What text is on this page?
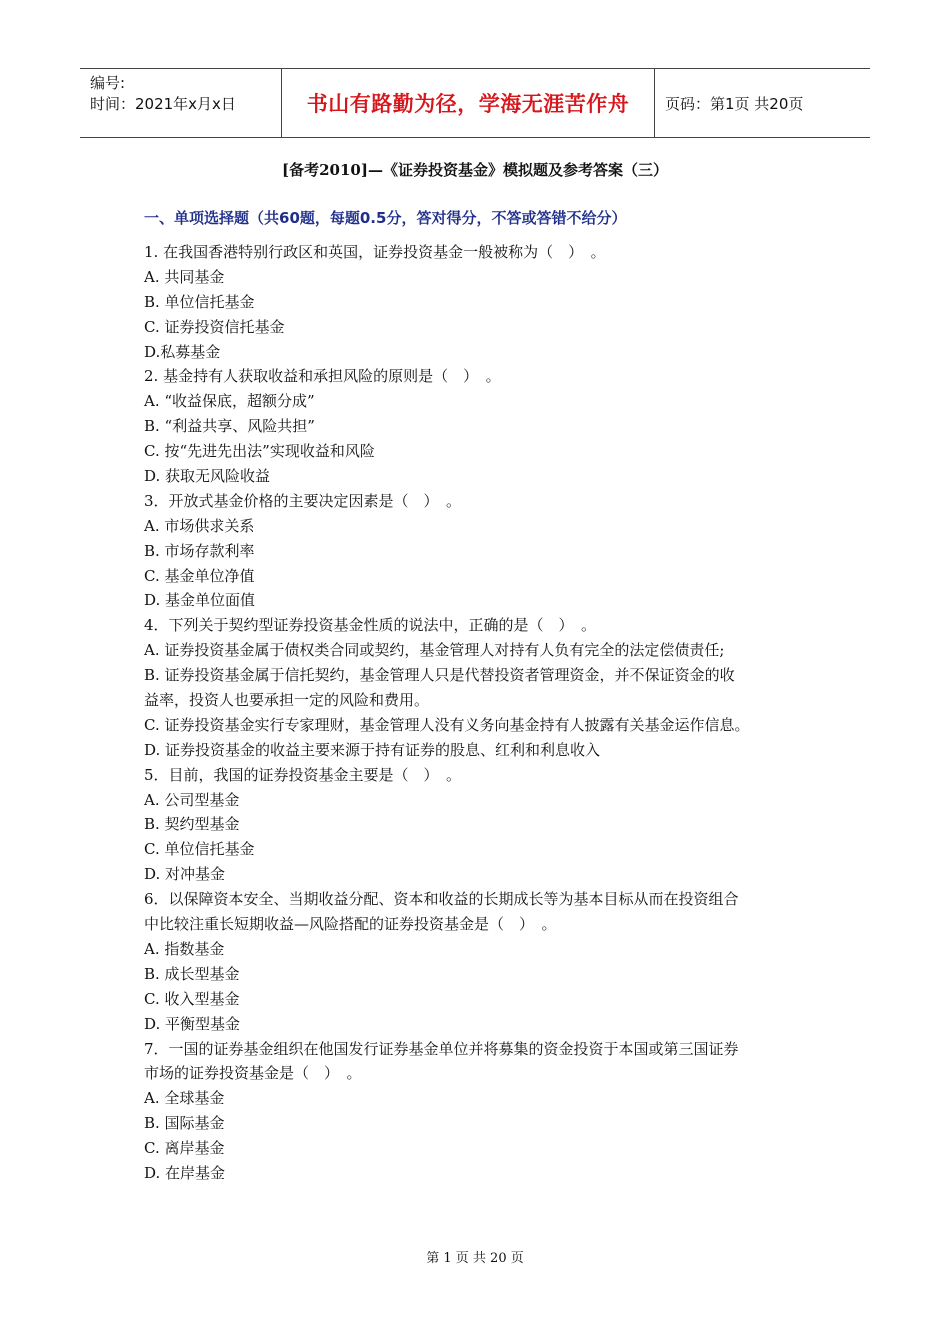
编号:
时间：2021年x月x日	书山有路勤为径，学海无涯苦作舟 页码：第1页 共20页
[备考2010]—《证券投资基金》模拟题及参考答案（三）
一、单项选择题（共60题，每题0.5分，答对得分，不答或答错不给分）
1. 在我国香港特别行政区和英国，证券投资基金一般被称为（　）　。
A. 共同基金
B. 单位信托基金
C. 证券投资信托基金
D.私募基金
2. 基金持有人获取收益和承担风险的原则是（　）　。
A. “收益保底，超额分成”
B. “利益共享、风险共担”
C. 按“先进先出法”实现收益和风险
D. 获取无风险收益
3．开放式基金价格的主要决定因素是（　）　。
A. 市场供求关系
B. 市场存款利率
C. 基金单位净值
D. 基金单位面值
4．下列关于契约型证券投资基金性质的说法中，正确的是（　）　。
A. 证券投资基金属于债权类合同或契约，基金管理人对持有人负有完全的法定偿债责任;
B. 证券投资基金属于信托契约，基金管理人只是代替投资者管理资金，并不保证资金的收
益率，投资人也要承担一定的风险和费用。
C. 证券投资基金实行专家理财，基金管理人没有义务向基金持有人披露有关基金运作信息。
D. 证券投资基金的收益主要来源于持有证券的股息、红利和利息收入
5．目前，我国的证券投资基金主要是（　）　。
A. 公司型基金
B. 契约型基金
C. 单位信托基金
D. 对冲基金
6．以保障资本安全、当期收益分配、资本和收益的长期成长等为基本目标从而在投资组合
中比较注重长短期收益—风险搭配的证券投资基金是（　）　。
A. 指数基金
B. 成长型基金
C. 收入型基金
D. 平衡型基金
7．一国的证券基金组织在他国发行证券基金单位并将募集的资金投资于本国或第三国证券
市场的证券投资基金是（　）　。
A. 全球基金
B. 国际基金
C. 离岸基金
D. 在岸基金
第 1 页 共 20 页
